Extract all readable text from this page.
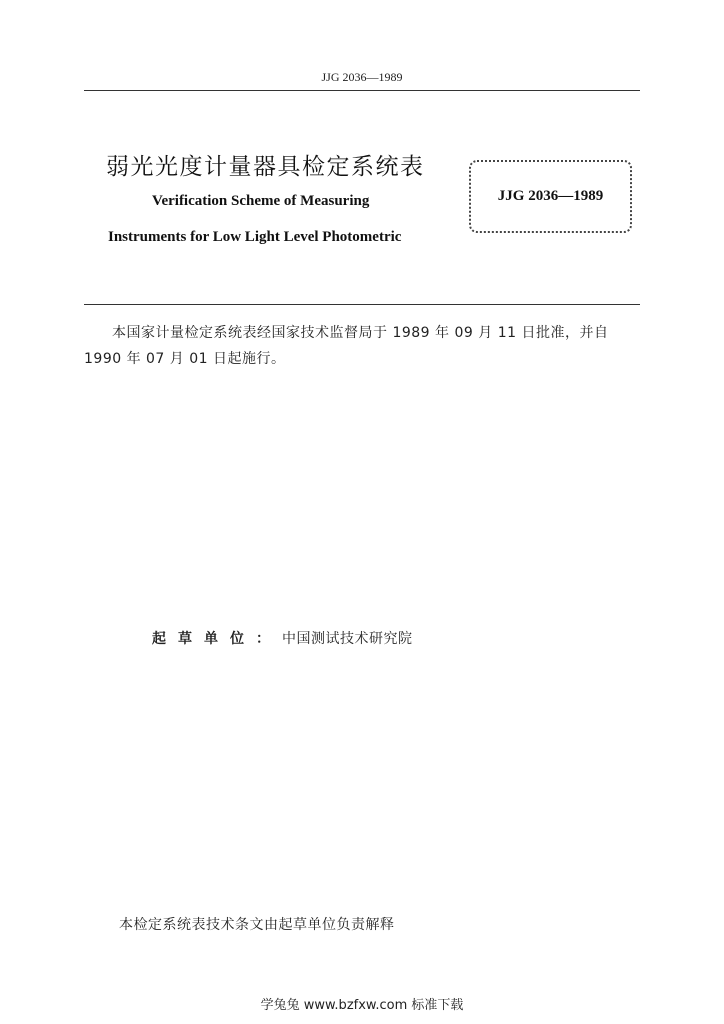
JJG 2036—1989
弱光光度计量器具检定系统表
Verification Scheme of Measuring
Instruments for Low Light Level Photometric
JJG 2036—1989
本国家计量检定系统表经国家技术监督局于 1989 年 09 月 11 日批准，并自 1990 年 07 月 01 日起施行。
起草单位：中国测试技术研究院
本检定系统表技术条文由起草单位负责解释
学兔兔 www.bzfxw.com 标准下载
